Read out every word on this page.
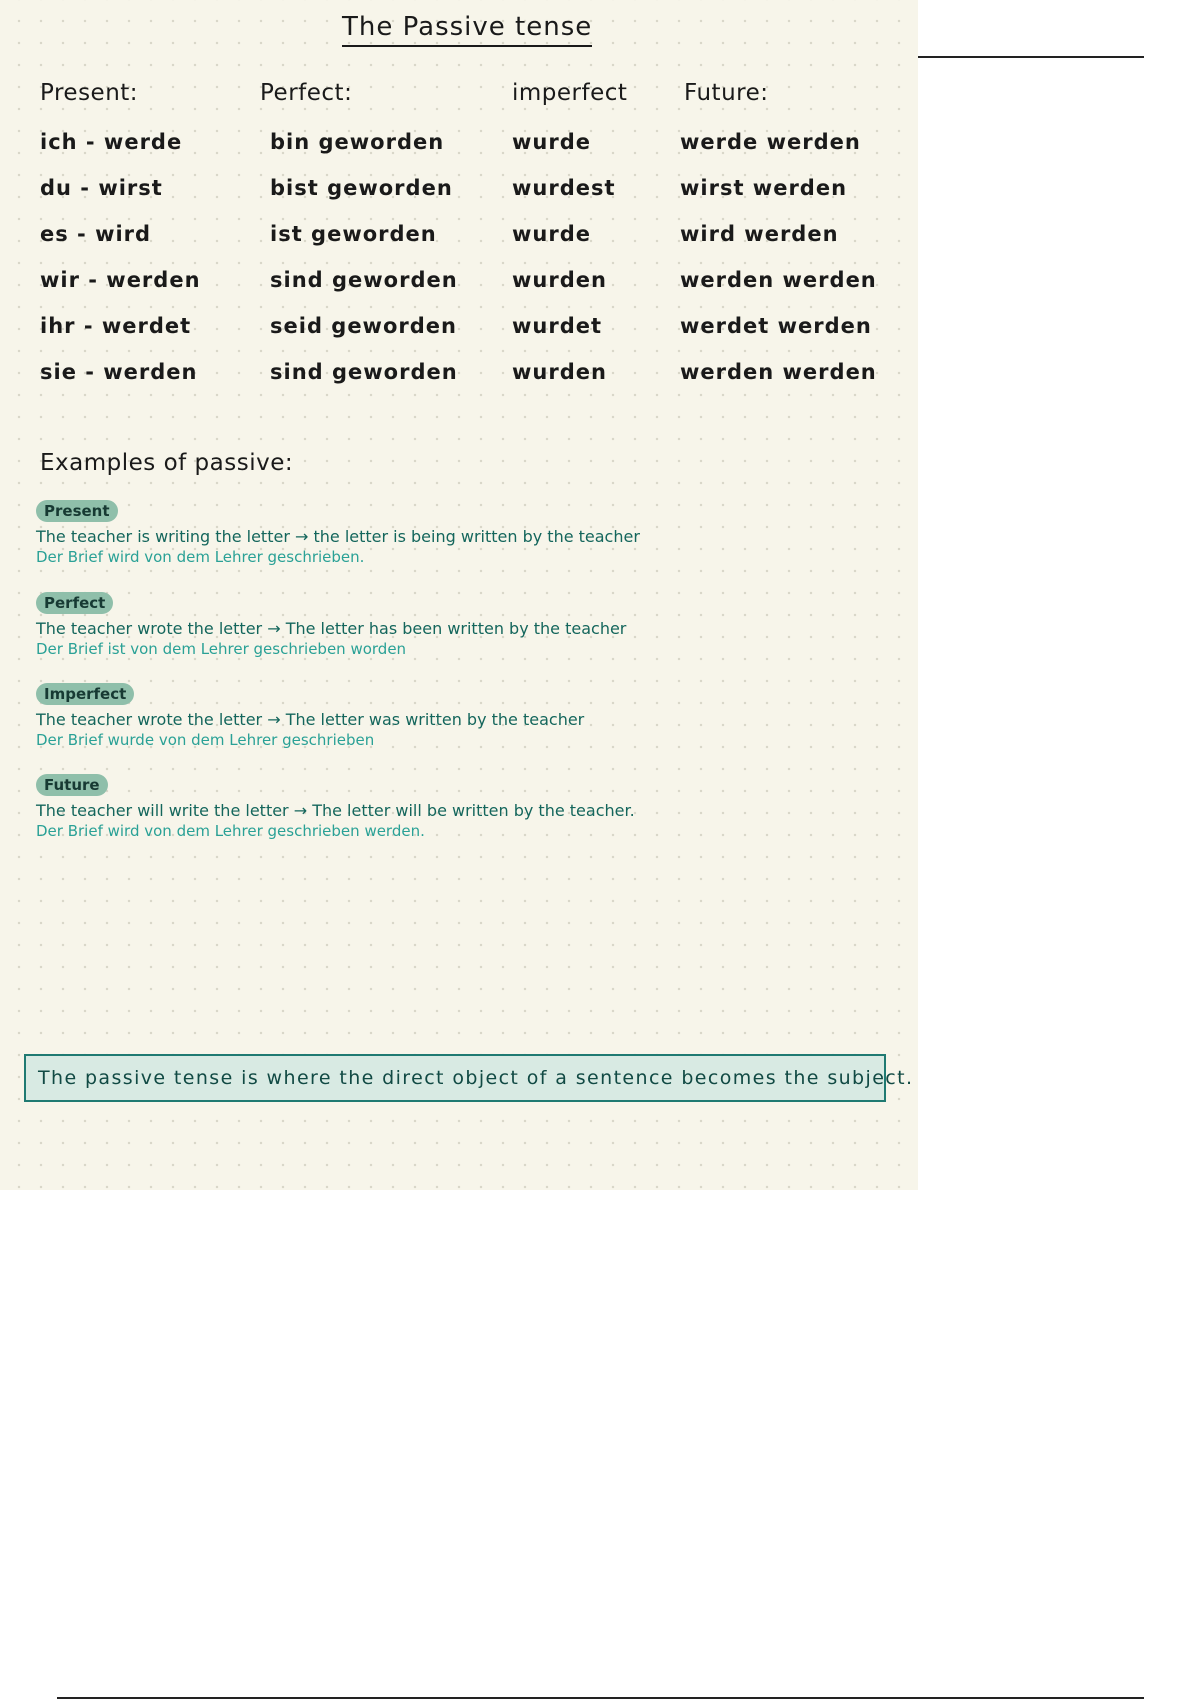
The Passive tense
Present:
ich - werde
du - wirst
es - wird
wir - werden
ihr - werdet
sie - werden
Perfect:
bin geworden
bist geworden
ist geworden
sind geworden
seid geworden
sind geworden
imperfect
wurde
wurdest
wurde
wurden
wurdet
wurden
Future:
werde werden
wirst werden
wird werden
werden werden
werdet werden
werden werden
Examples of passive:
Present
The teacher is writing the letter → the letter is being written by the teacher
Der Brief wird von dem Lehrer geschrieben.
Perfect
The teacher wrote the letter → The letter has been written by the teacher
Der Brief ist von dem Lehrer geschrieben worden
Imperfect
The teacher wrote the letter → The letter was written by the teacher
Der Brief wurde von dem Lehrer geschrieben
Future
The teacher will write the letter → The letter will be written by the teacher.
Der Brief wird von dem Lehrer geschrieben werden.
The passive tense is where the direct object of a sentence becomes the subject.
